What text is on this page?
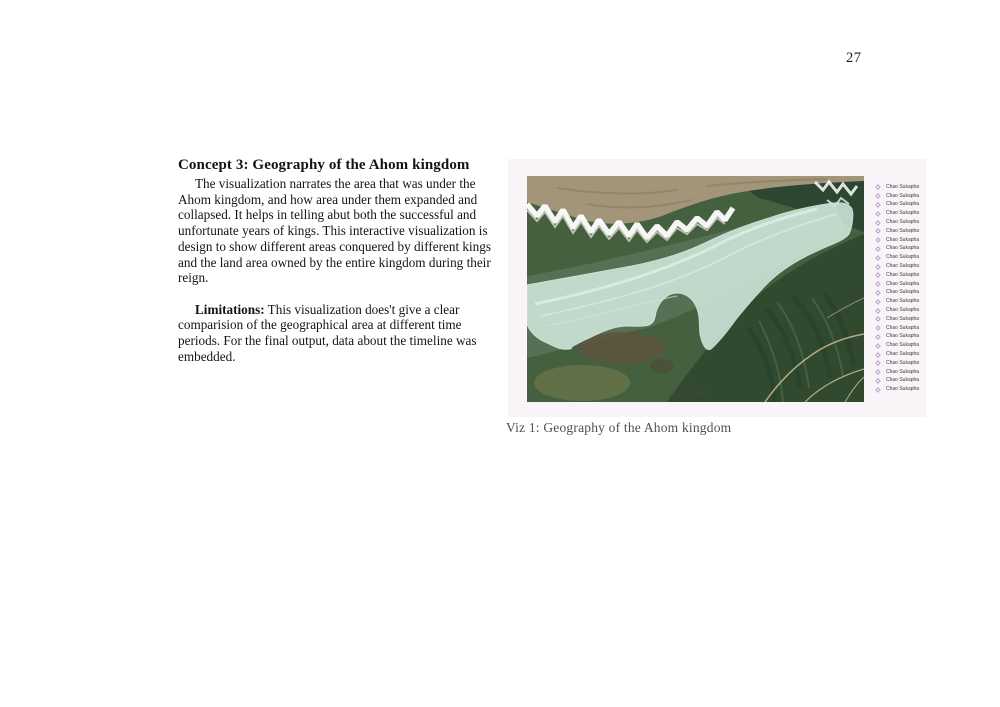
27
Concept 3: Geography of the Ahom kingdom

The visualization narrates the area that was under the Ahom kingdom, and how area under them expanded and collapsed. It helps in telling abut both the successful and unfortunate years of kings. This interactive visualization is design to show different areas conquered by different kings and the land area owned by the entire kingdom during their reign.

Limitations: This visualization does't give a clear comparision of the geographical area at different time periods. For the final output, data about the timeline was embedded.

Chao Sukapha
Chao Sukapha
Chao Sukapha
Chao Sukapha
Chao Sukapha
Chao Sukapha
Chao Sukapha
Chao Sukapha
Chao Sukapha
Chao Sukapha
Chao Sukapha
Chao Sukapha
Chao Sukapha
Chao Sukapha
Chao Sukapha
Chao Sukapha
Chao Sukapha
Chao Sukapha
Chao Sukapha
Chao Sukapha
Chao Sukapha
Chao Sukapha
Chao Sukapha
Chao Sukapha
Viz 1: Geography of the Ahom kingdom
